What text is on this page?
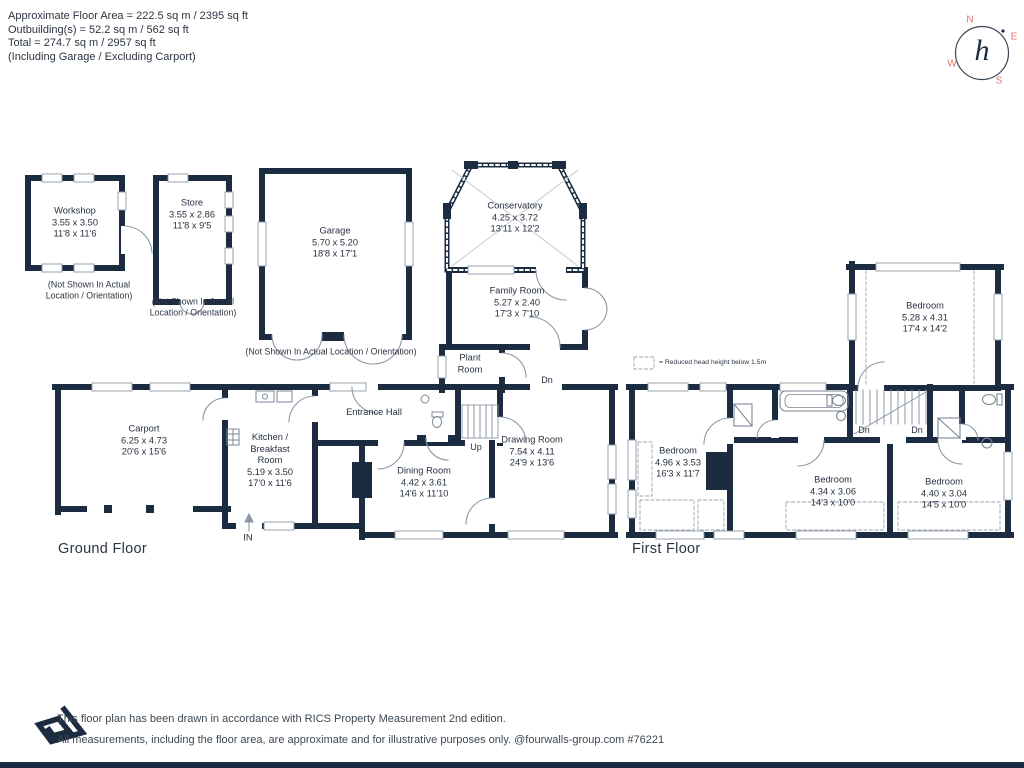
Approximate Floor Area = 222.5 sq m / 2395 sq ft
Outbuilding(s) = 52.2 sq m / 562 sq ft
Total = 274.7 sq m / 2957 sq ft
(Including Garage / Excluding Carport)
N
E
W
S
h
Workshop
3.55 x 3.50
11'8 x 11'6
(Not Shown In Actual
Location / Orientation)
Store
3.55 x 2.86
11'8 x 9'5
(Not Shown In Actual
Location / Orientation)
Garage
5.70 x 5.20
18'8 x 17'1
(Not Shown In Actual Location / Orientation)
Conservatory
4.25 x 3.72
13'11 x 12'2
Family Room
5.27 x 2.40
17'3 x 7'10
Plant Room
Entrance Hall
Carport
6.25 x 4.73
20'6 x 15'6
Kitchen / Breakfast Room
5.19 x 3.50
17'0 x 11'6
Dining Room
4.42 x 3.61
14'6 x 11'10
Drawing Room
7.54 x 4.11
24'9 x 13'6
Bedroom
5.28 x 4.31
17'4 x 14'2
Bedroom
4.96 x 3.53
16'3 x 11'7
Bedroom
4.34 x 3.06
14'3 x 10'0
Bedroom
4.40 x 3.04
14'5 x 10'0
Up
Dn
Dn	Dn
IN
= Reduced head height below 1.5m
Ground Floor	First Floor
This floor plan has been drawn in accordance with RICS Property Measurement 2nd edition.
All measurements, including the floor area, are approximate and for illustrative purposes only. @fourwalls-group.com #76221
